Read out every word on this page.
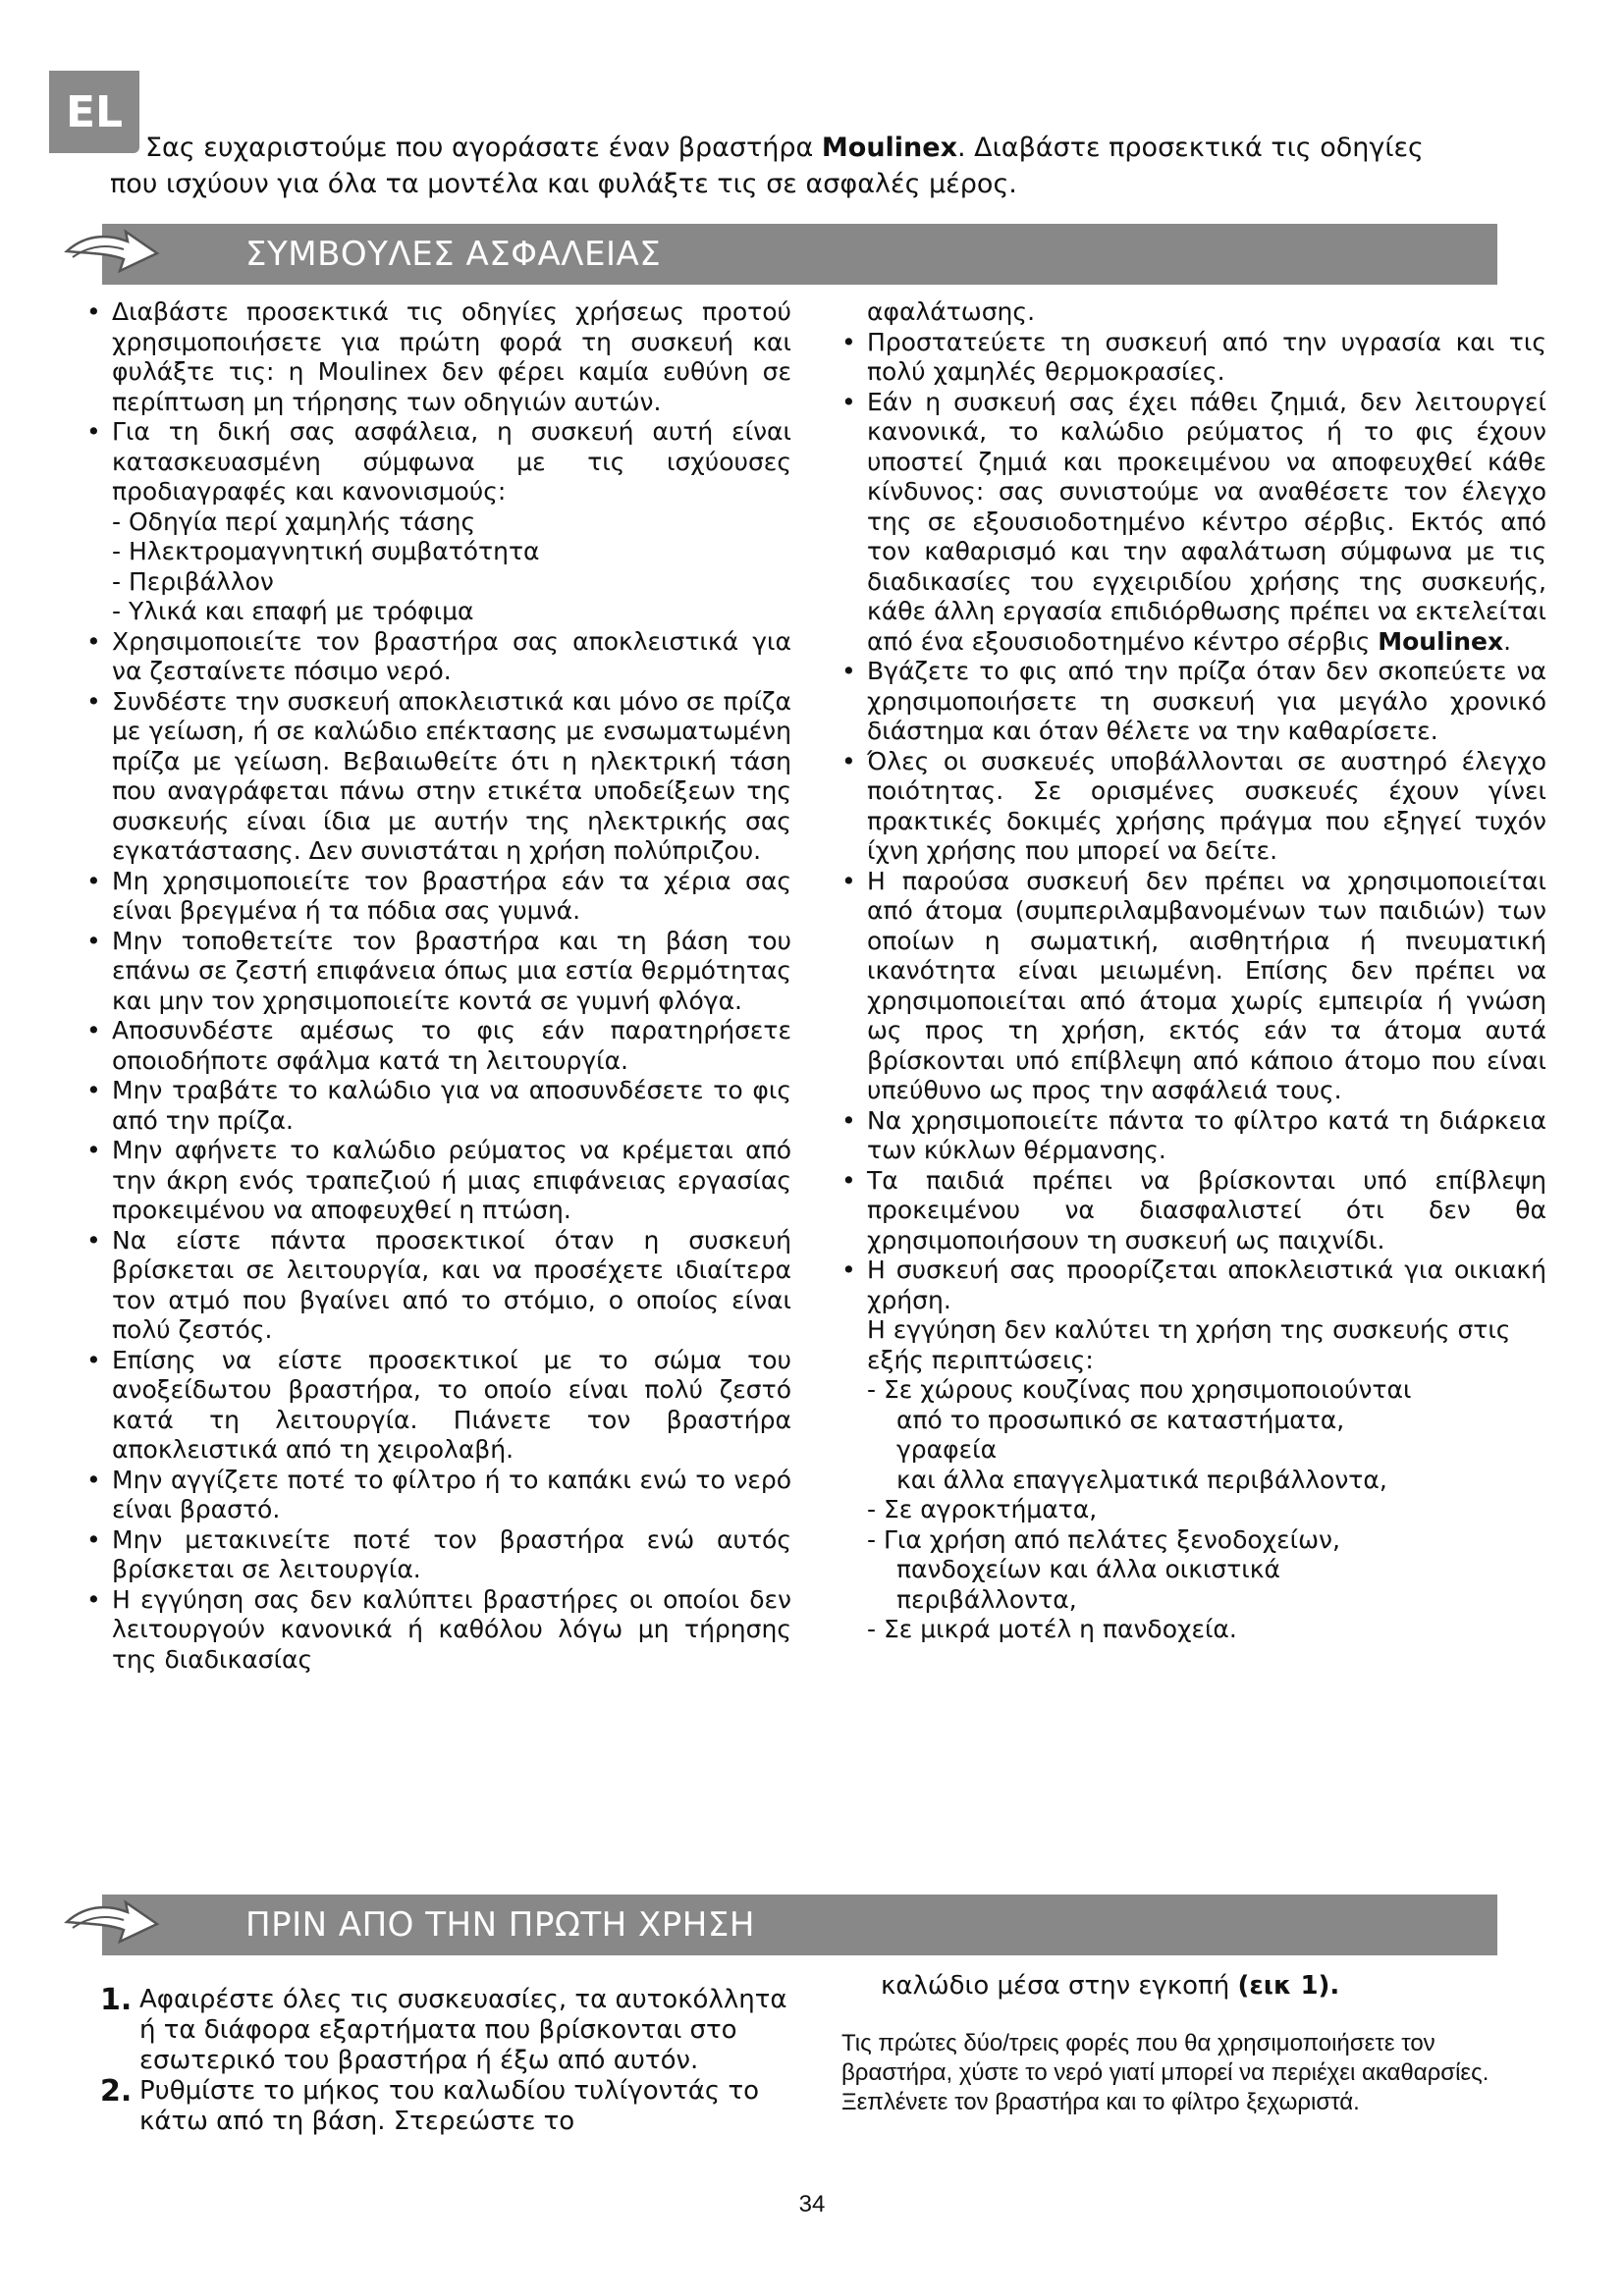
EL
Σας ευχαριστούμε που αγοράσατε έναν βραστήρα Moulinex. Διαβάστε προσεκτικά τις οδηγίες
που ισχύουν για όλα τα μοντέλα και φυλάξτε τις σε ασφαλές μέρος.
ΣΥΜΒΟΥΛΕΣ ΑΣΦΑΛΕΙΑΣ

• Διαβάστε προσεκτικά τις οδηγίες χρήσεως προτού χρησιμοποιήσετε για πρώτη φορά τη συσκευή και φυλάξτε τις: η Moulinex δεν φέρει καμία ευθύνη σε περίπτωση μη τήρησης των οδηγιών αυτών.

• Για τη δική σας ασφάλεια, η συσκευή αυτή είναι κατασκευασμένη σύμφωνα με τις ισχύουσες προδιαγραφές και κανονισμούς:

- Οδηγία περί χαμηλής τάσης

- Ηλεκτρομαγνητική συμβατότητα

- Περιβάλλον

- Υλικά και επαφή με τρόφιμα

• Χρησιμοποιείτε τον βραστήρα σας αποκλειστικά για να ζεσταίνετε πόσιμο νερό.

• Συνδέστε την συσκευή αποκλειστικά και μόνο σε πρίζα με γείωση, ή σε καλώδιο επέκτασης με ενσωματωμένη πρίζα με γείωση. Βεβαιωθείτε ότι η ηλεκτρική τάση που αναγράφεται πάνω στην ετικέτα υποδείξεων της συσκευής είναι ίδια με αυτήν της ηλεκτρικής σας εγκατάστασης. Δεν συνιστάται η χρήση πολύπριζου.

• Μη χρησιμοποιείτε τον βραστήρα εάν τα χέρια σας είναι βρεγμένα ή τα πόδια σας γυμνά.

• Μην τοποθετείτε τον βραστήρα και τη βάση του επάνω σε ζεστή επιφάνεια όπως μια εστία θερμότητας και μην τον χρησιμοποιείτε κοντά σε γυμνή φλόγα.

• Αποσυνδέστε αμέσως το φις εάν παρατηρήσετε οποιοδήποτε σφάλμα κατά τη λειτουργία.

• Μην τραβάτε το καλώδιο για να αποσυνδέσετε το φις από την πρίζα.

• Μην αφήνετε το καλώδιο ρεύματος να κρέμεται από την άκρη ενός τραπεζιού ή μιας επιφάνειας εργασίας προκειμένου να αποφευχθεί η πτώση.

• Να είστε πάντα προσεκτικοί όταν η συσκευή βρίσκεται σε λειτουργία, και να προσέχετε ιδιαίτερα τον ατμό που βγαίνει από το στόμιο, ο οποίος είναι πολύ ζεστός.

• Επίσης να είστε προσεκτικοί με το σώμα του ανοξείδωτου βραστήρα, το οποίο είναι πολύ ζεστό κατά τη λειτουργία. Πιάνετε τον βραστήρα αποκλειστικά από τη χειρολαβή.

• Μην αγγίζετε ποτέ το φίλτρο ή το καπάκι ενώ το νερό είναι βραστό.

• Μην μετακινείτε ποτέ τον βραστήρα ενώ αυτός βρίσκεται σε λειτουργία.

• Η εγγύηση σας δεν καλύπτει βραστήρες οι οποίοι δεν λειτουργούν κανονικά ή καθόλου λόγω μη τήρησης της διαδικασίας

αφαλάτωσης.

• Προστατεύετε τη συσκευή από την υγρασία και τις πολύ χαμηλές θερμοκρασίες.

• Εάν η συσκευή σας έχει πάθει ζημιά, δεν λειτουργεί κανονικά, το καλώδιο ρεύματος ή το φις έχουν υποστεί ζημιά και προκειμένου να αποφευχθεί κάθε κίνδυνος: σας συνιστούμε να αναθέσετε τον έλεγχο της σε εξουσιοδοτημένο κέντρο σέρβις. Εκτός από τον καθαρισμό και την αφαλάτωση σύμφωνα με τις διαδικασίες του εγχειριδίου χρήσης της συσκευής, κάθε άλλη εργασία επιδιόρθωσης πρέπει να εκτελείται από ένα εξουσιοδοτημένο κέντρο σέρβις Moulinex.

• Βγάζετε το φις από την πρίζα όταν δεν σκοπεύετε να χρησιμοποιήσετε τη συσκευή για μεγάλο χρονικό διάστημα και όταν θέλετε να την καθαρίσετε.

• Όλες οι συσκευές υποβάλλονται σε αυστηρό έλεγχο ποιότητας. Σε ορισμένες συσκευές έχουν γίνει πρακτικές δοκιμές χρήσης πράγμα που εξηγεί τυχόν ίχνη χρήσης που μπορεί να δείτε.

• Η παρούσα συσκευή δεν πρέπει να χρησιμοποιείται από άτομα (συμπεριλαμβανομένων των παιδιών) των οποίων η σωματική, αισθητήρια ή πνευματική ικανότητα είναι μειωμένη. Επίσης δεν πρέπει να χρησιμοποιείται από άτομα χωρίς εμπειρία ή γνώση ως προς τη χρήση, εκτός εάν τα άτομα αυτά βρίσκονται υπό επίβλεψη από κάποιο άτομο που είναι υπεύθυνο ως προς την ασφάλειά τους.

• Να χρησιμοποιείτε πάντα το φίλτρο κατά τη διάρκεια των κύκλων θέρμανσης.

• Τα παιδιά πρέπει να βρίσκονται υπό επίβλεψη προκειμένου να διασφαλιστεί ότι δεν θα χρησιμοποιήσουν τη συσκευή ως παιχνίδι.

• Η συσκευή σας προορίζεται αποκλειστικά για οικιακή χρήση.

Η εγγύηση δεν καλύτει τη χρήση της συσκευής στις εξής περιπτώσεις:

- Σε χώρους κουζίνας που χρησιμοποιούνται

από το προσωπικό σε καταστήματα,

γραφεία

και άλλα επαγγελματικά περιβάλλοντα,

- Σε αγροκτήματα,

- Για χρήση από πελάτες ξενοδοχείων,

πανδοχείων και άλλα οικιστικά

περιβάλλοντα,

- Σε μικρά μοτέλ η πανδοχεία.

ΠΡΙΝ ΑΠΟ ΤΗΝ ΠΡΩΤΗ ΧΡΗΣΗ

1. Αφαιρέστε όλες τις συσκευασίες, τα αυτοκόλλητα ή τα διάφορα εξαρτήματα που βρίσκονται στο εσωτερικό του βραστήρα ή έξω από αυτόν.

2. Ρυθμίστε το μήκος του καλωδίου τυλίγοντάς το κάτω από τη βάση. Στερεώστε το

καλώδιο μέσα στην εγκοπή (εικ 1).

Τις πρώτες δύο/τρεις φορές που θα χρησιμοποιήσετε τον βραστήρα, χύστε το νερό γιατί μπορεί να περιέχει ακαθαρσίες. Ξεπλένετε τον βραστήρα και το φίλτρο ξεχωριστά.

34
